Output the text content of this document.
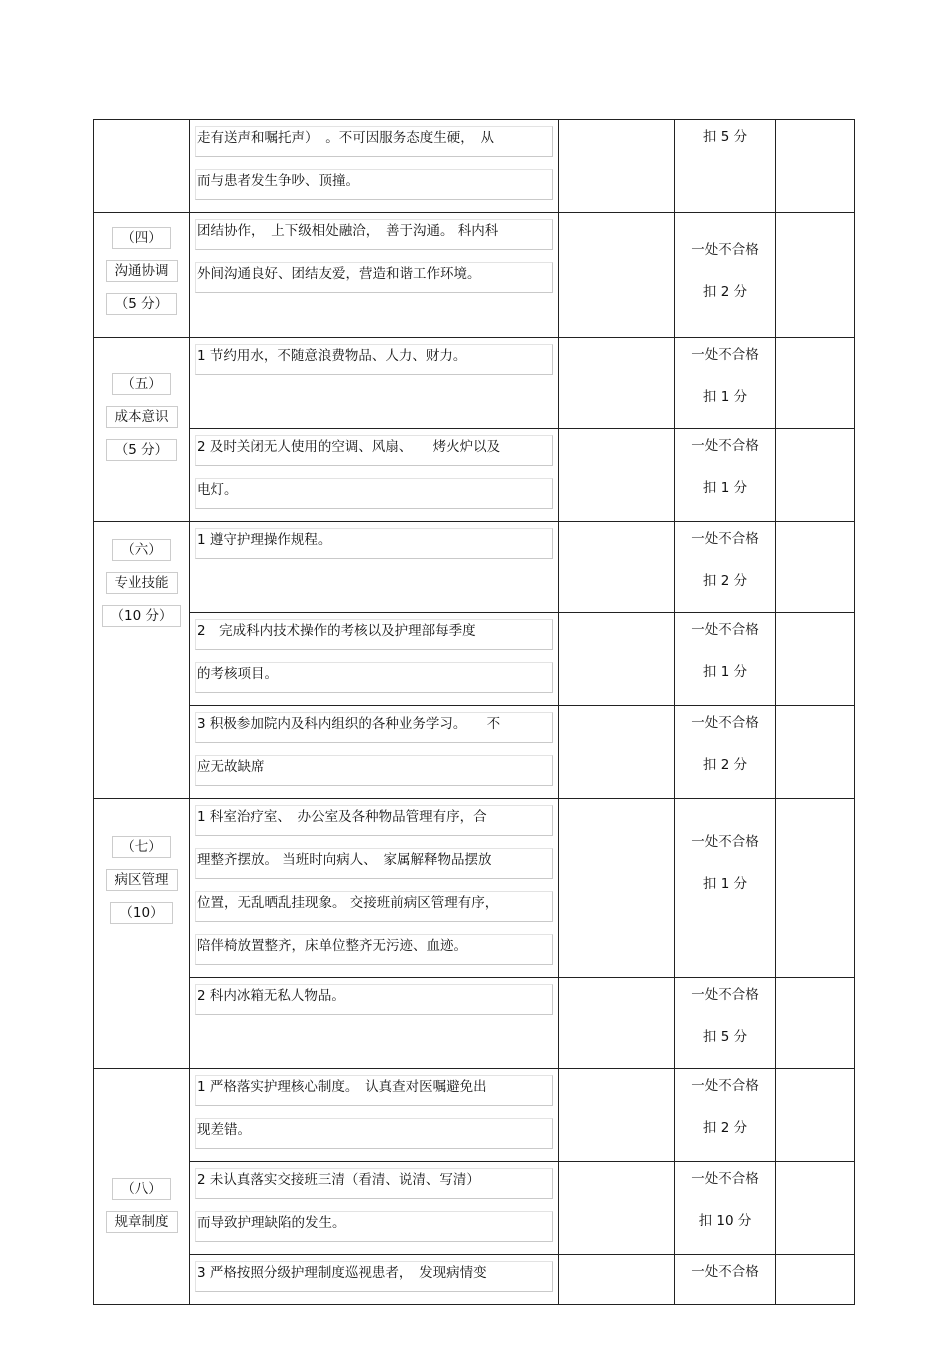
	走有送声和嘱托声）　。不可因服务态度生硬，　从
而与患者发生争吵、顶撞。		扣 5 分	

（四）
沟通协调
（5 分）	团结协作，　上下级相处融洽，　善于沟通。 科内科
外间沟通良好、团结友爱，营造和谐工作环境。		一处不合格
扣 2 分	

（五）
成本意识
（5 分）	1 节约用水，不随意浪费物品、人力、财力。		一处不合格
扣 1 分	

	2 及时关闭无人使用的空调、风扇、　　烤火炉以及
电灯。		一处不合格
扣 1 分	

（六）
专业技能
（10 分）	1 遵守护理操作规程。		一处不合格
扣 2 分	

	2　完成科内技术操作的考核以及护理部每季度
的考核项目。		一处不合格
扣 1 分	

	3 积极参加院内及科内组织的各种业务学习。　　不
应无故缺席		一处不合格
扣 2 分	

（七）
病区管理
（10）	1 科室治疗室、　办公室及各种物品管理有序，合
理整齐摆放。 当班时向病人、　家属解释物品摆放
位置，无乱晒乱挂现象。 交接班前病区管理有序，
陪伴椅放置整齐，床单位整齐无污迹、血迹。		一处不合格
扣 1 分	

	2 科内冰箱无私人物品。		一处不合格
扣 5 分	

（八）
规章制度	1 严格落实护理核心制度。　认真查对医嘱避免出
现差错。		一处不合格
扣 2 分	

	2 未认真落实交接班三清（看清、说清、写清）
而导致护理缺陷的发生。		一处不合格
扣 10 分	

	3 严格按照分级护理制度巡视患者，　发现病情变		一处不合格	
